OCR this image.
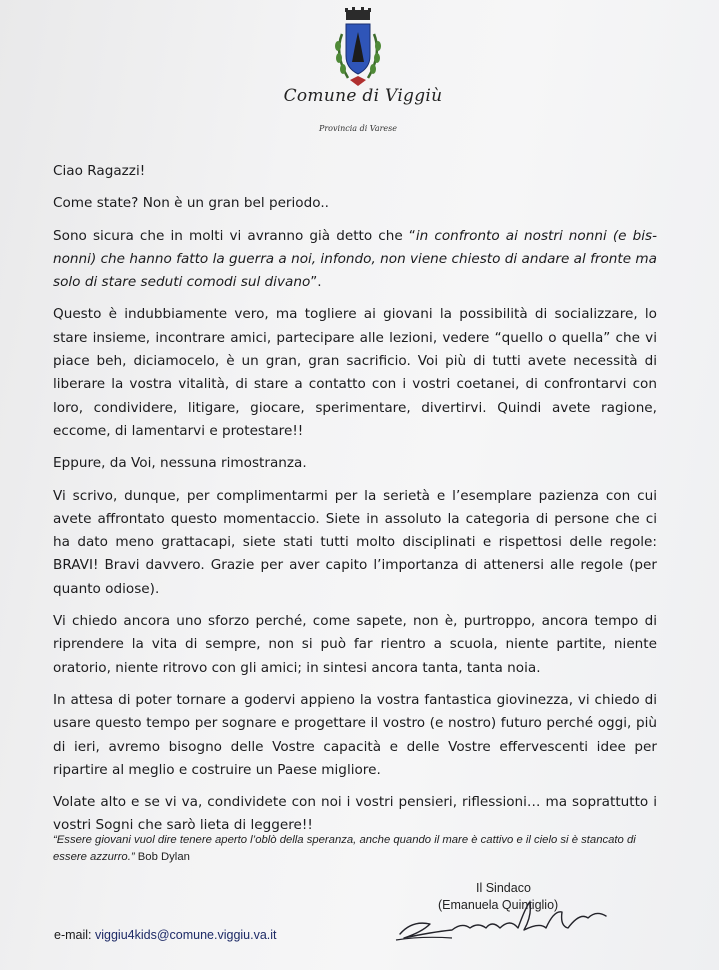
Comune di Viggiù
Provincia di Varese

Ciao Ragazzi!

Come state? Non è un gran bel periodo..

Sono sicura che in molti vi avranno già detto che “in confronto ai nostri nonni (e bis-nonni) che hanno fatto la guerra a noi, infondo, non viene chiesto di andare al fronte ma solo di stare seduti comodi sul divano”.

Questo è indubbiamente vero, ma togliere ai giovani la possibilità di socializzare, lo stare insieme, incontrare amici, partecipare alle lezioni, vedere “quello o quella” che vi piace beh, diciamocelo, è un gran, gran sacrificio. Voi più di tutti avete necessità di liberare la vostra vitalità, di stare a contatto con i vostri coetanei, di confrontarvi con loro, condividere, litigare, giocare, sperimentare, divertirvi. Quindi avete ragione, eccome, di lamentarvi e protestare!!

Eppure, da Voi, nessuna rimostranza.

Vi scrivo, dunque, per complimentarmi per la serietà e l’esemplare pazienza con cui avete affrontato questo momentaccio. Siete in assoluto la categoria di persone che ci ha dato meno grattacapi, siete stati tutti molto disciplinati e rispettosi delle regole: BRAVI! Bravi davvero. Grazie per aver capito l’importanza di attenersi alle regole (per quanto odiose).

Vi chiedo ancora uno sforzo perché, come sapete, non è, purtroppo, ancora tempo di riprendere la vita di sempre, non si può far rientro a scuola, niente partite, niente oratorio, niente ritrovo con gli amici; in sintesi ancora tanta, tanta noia.

In attesa di poter tornare a godervi appieno la vostra fantastica giovinezza, vi chiedo di usare questo tempo per sognare e progettare il vostro (e nostro) futuro perché oggi, più di ieri, avremo bisogno delle Vostre capacità e delle Vostre effervescenti idee per ripartire al meglio e costruire un Paese migliore.

Volate alto e se vi va, condividete con noi i vostri pensieri, riflessioni… ma soprattutto i vostri Sogni che sarò lieta di leggere!!

“Essere giovani vuol dire tenere aperto l’oblò della speranza, anche quando il mare è cattivo e il cielo si è stancato di essere azzurro.” Bob Dylan
Il Sindaco
(Emanuela Quintiglio)
e-mail: viggiu4kids@comune.viggiu.va.it
